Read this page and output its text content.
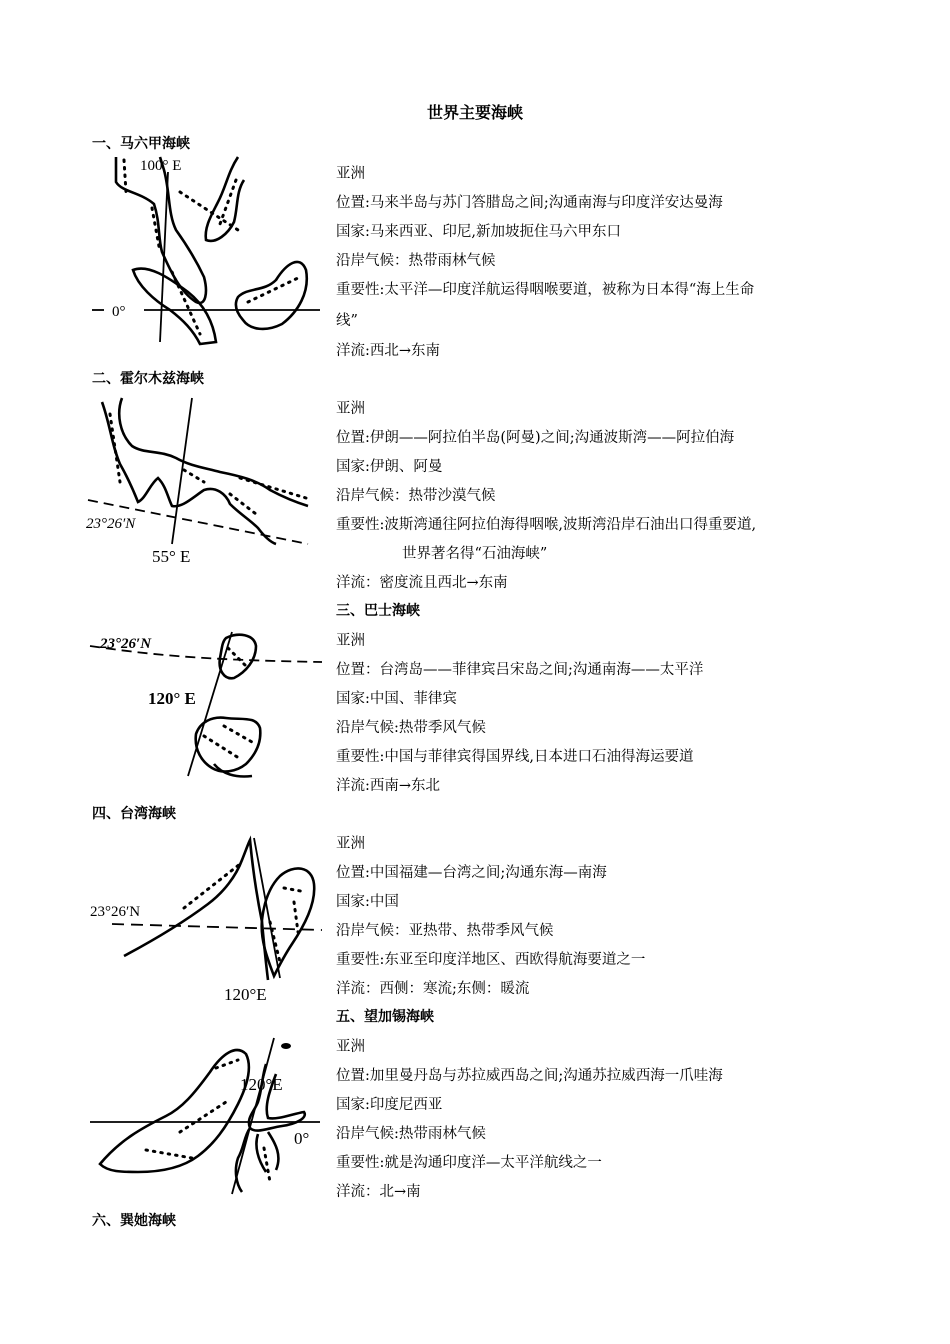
世界主要海峡
一、马六甲海峡
100° E
0°
亚洲
位置:马来半岛与苏门答腊岛之间;沟通南海与印度洋安达曼海
国家:马来西亚、印尼,新加坡扼住马六甲东口
沿岸气候：热带雨林气候
重要性:太平洋—印度洋航运得咽喉要道，被称为日本得“海上生命
线”
洋流:西北→东南
二、霍尔木兹海峡
23°26′N
55° E
亚洲
位置:伊朗——阿拉伯半岛(阿曼)之间;沟通波斯湾——阿拉伯海
国家:伊朗、阿曼
沿岸气候：热带沙漠气候
重要性:波斯湾通往阿拉伯海得咽喉,波斯湾沿岸石油出口得重要道,
世界著名得“石油海峡”
洋流：密度流且西北→东南
三、巴士海峡
23°26′N
120° E
亚洲
位置：台湾岛——菲律宾吕宋岛之间;沟通南海——太平洋
国家:中国、菲律宾
沿岸气候:热带季风气候
重要性:中国与菲律宾得国界线,日本进口石油得海运要道
洋流:西南→东北
四、台湾海峡
23°26′N
120°E
亚洲
位置:中国福建—台湾之间;沟通东海—南海
国家:中国
沿岸气候：亚热带、热带季风气候
重要性:东亚至印度洋地区、西欧得航海要道之一
洋流：西侧：寒流;东侧：暖流
五、望加锡海峡
120°E
0°
亚洲
位置:加里曼丹岛与苏拉威西岛之间;沟通苏拉威西海一爪哇海
国家:印度尼西亚
沿岸气候:热带雨林气候
重要性:就是沟通印度洋—太平洋航线之一
洋流：北→南
六、巽她海峡
